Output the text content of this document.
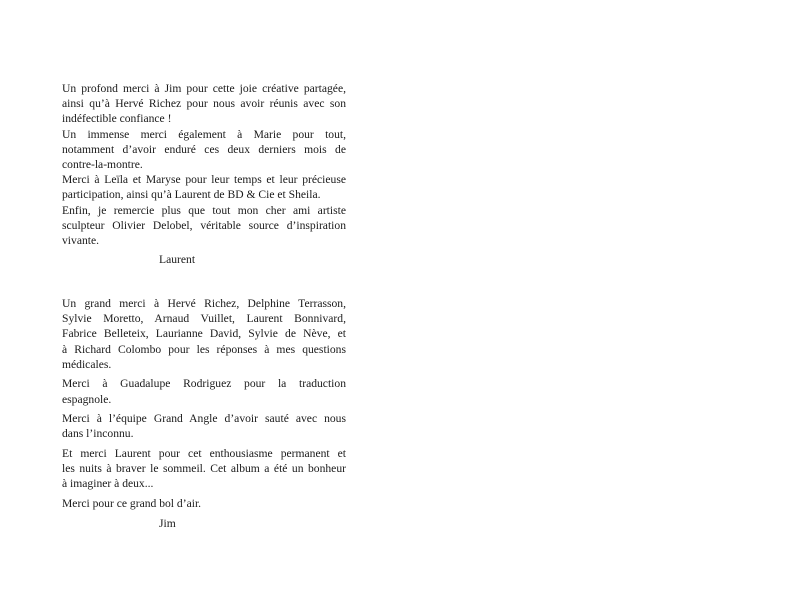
Un profond merci à Jim pour cette joie créative partagée,
ainsi qu’à Hervé Richez pour nous avoir réunis avec son
indéfectible confiance !

Un immense merci également à Marie pour tout,
notamment d’avoir enduré ces deux derniers mois de
contre-la-montre.

Merci à Leïla et Maryse pour leur temps et leur précieuse
participation, ainsi qu’à Laurent de BD & Cie et Sheila.

Enfin, je remercie plus que tout mon cher ami artiste
sculpteur Olivier Delobel, véritable source d’inspiration
vivante.

Laurent

Un grand merci à Hervé Richez, Delphine Terrasson,
Sylvie Moretto, Arnaud Vuillet, Laurent Bonnivard,
Fabrice Belleteix, Laurianne David, Sylvie de Nève, et
à Richard Colombo pour les réponses à mes questions
médicales.

Merci à Guadalupe Rodriguez pour la traduction
espagnole.

Merci à l’équipe Grand Angle d’avoir sauté avec nous
dans l’inconnu.

Et merci Laurent pour cet enthousiasme permanent et
les nuits à braver le sommeil. Cet album a été un bonheur
à imaginer à deux...

Merci pour ce grand bol d’air.

Jim
